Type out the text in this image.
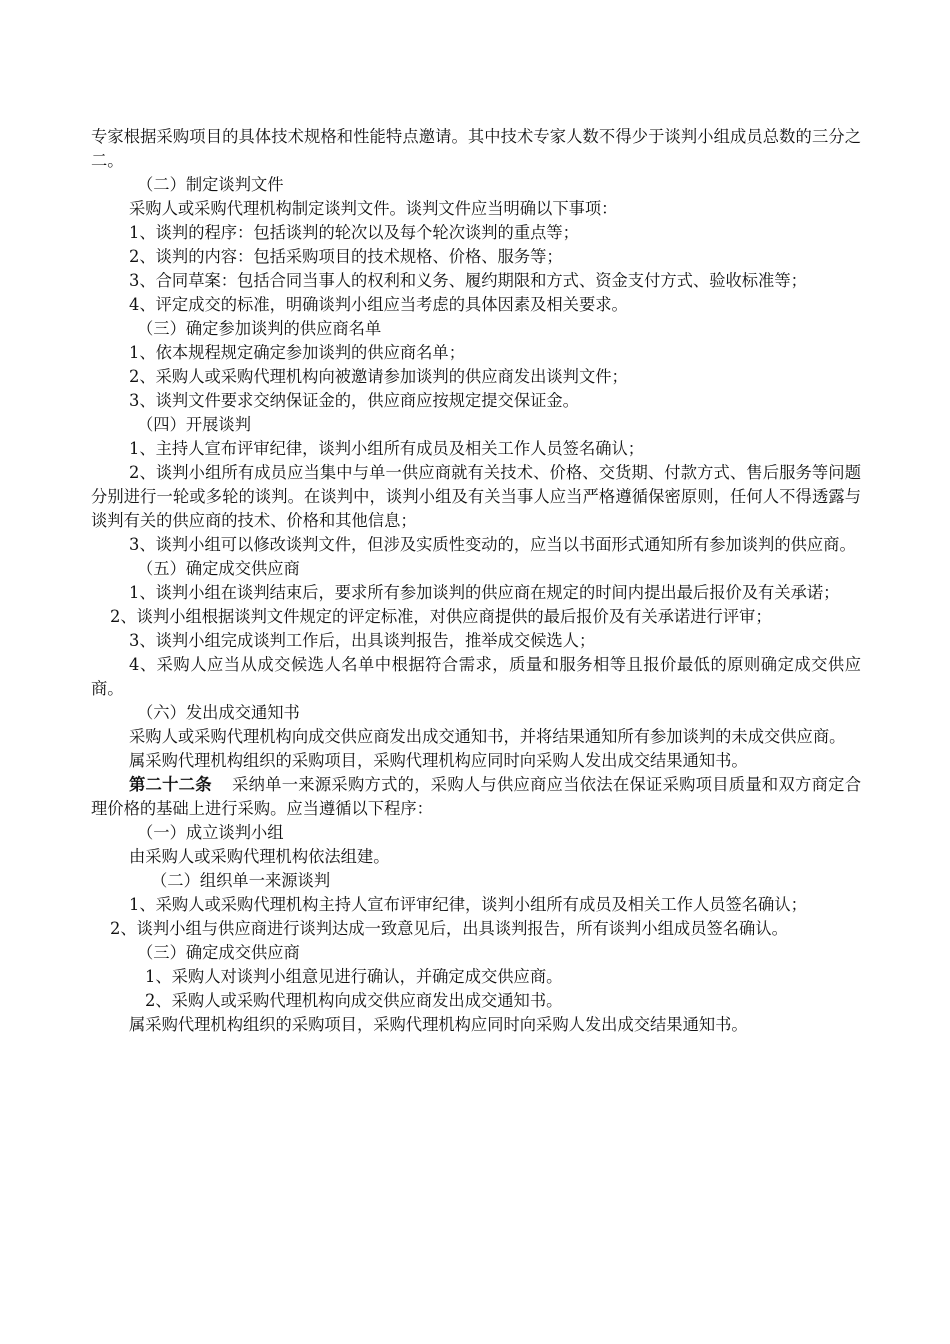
专家根据采购项目的具体技术规格和性能特点邀请。其中技术专家人数不得少于谈判小组成员总数的三分之二。

（二）制定谈判文件

采购人或采购代理机构制定谈判文件。谈判文件应当明确以下事项：

1、谈判的程序：包括谈判的轮次以及每个轮次谈判的重点等；

2、谈判的内容：包括采购项目的技术规格、价格、服务等；

3、合同草案：包括合同当事人的权利和义务、履约期限和方式、资金支付方式、验收标准等；

4、评定成交的标准，明确谈判小组应当考虑的具体因素及相关要求。

（三）确定参加谈判的供应商名单

1、依本规程规定确定参加谈判的供应商名单；

2、采购人或采购代理机构向被邀请参加谈判的供应商发出谈判文件；

3、谈判文件要求交纳保证金的，供应商应按规定提交保证金。

（四）开展谈判

1、主持人宣布评审纪律，谈判小组所有成员及相关工作人员签名确认；

2、谈判小组所有成员应当集中与单一供应商就有关技术、价格、交货期、付款方式、售后服务等问题分别进行一轮或多轮的谈判。在谈判中，谈判小组及有关当事人应当严格遵循保密原则，任何人不得透露与谈判有关的供应商的技术、价格和其他信息；

3、谈判小组可以修改谈判文件，但涉及实质性变动的，应当以书面形式通知所有参加谈判的供应商。

（五）确定成交供应商

1、谈判小组在谈判结束后，要求所有参加谈判的供应商在规定的时间内提出最后报价及有关承诺；

2、谈判小组根据谈判文件规定的评定标准，对供应商提供的最后报价及有关承诺进行评审；

3、谈判小组完成谈判工作后，出具谈判报告，推举成交候选人；

4、采购人应当从成交候选人名单中根据符合需求，质量和服务相等且报价最低的原则确定成交供应商。

（六）发出成交通知书

采购人或采购代理机构向成交供应商发出成交通知书，并将结果通知所有参加谈判的未成交供应商。

属采购代理机构组织的采购项目，采购代理机构应同时向采购人发出成交结果通知书。

第二十二条 采纳单一来源采购方式的，采购人与供应商应当依法在保证采购项目质量和双方商定合理价格的基础上进行采购。应当遵循以下程序：

（一）成立谈判小组

由采购人或采购代理机构依法组建。

（二）组织单一来源谈判

1、采购人或采购代理机构主持人宣布评审纪律，谈判小组所有成员及相关工作人员签名确认；

2、谈判小组与供应商进行谈判达成一致意见后，出具谈判报告，所有谈判小组成员签名确认。

（三）确定成交供应商

1、采购人对谈判小组意见进行确认，并确定成交供应商。

2、采购人或采购代理机构向成交供应商发出成交通知书。

属采购代理机构组织的采购项目，采购代理机构应同时向采购人发出成交结果通知书。
